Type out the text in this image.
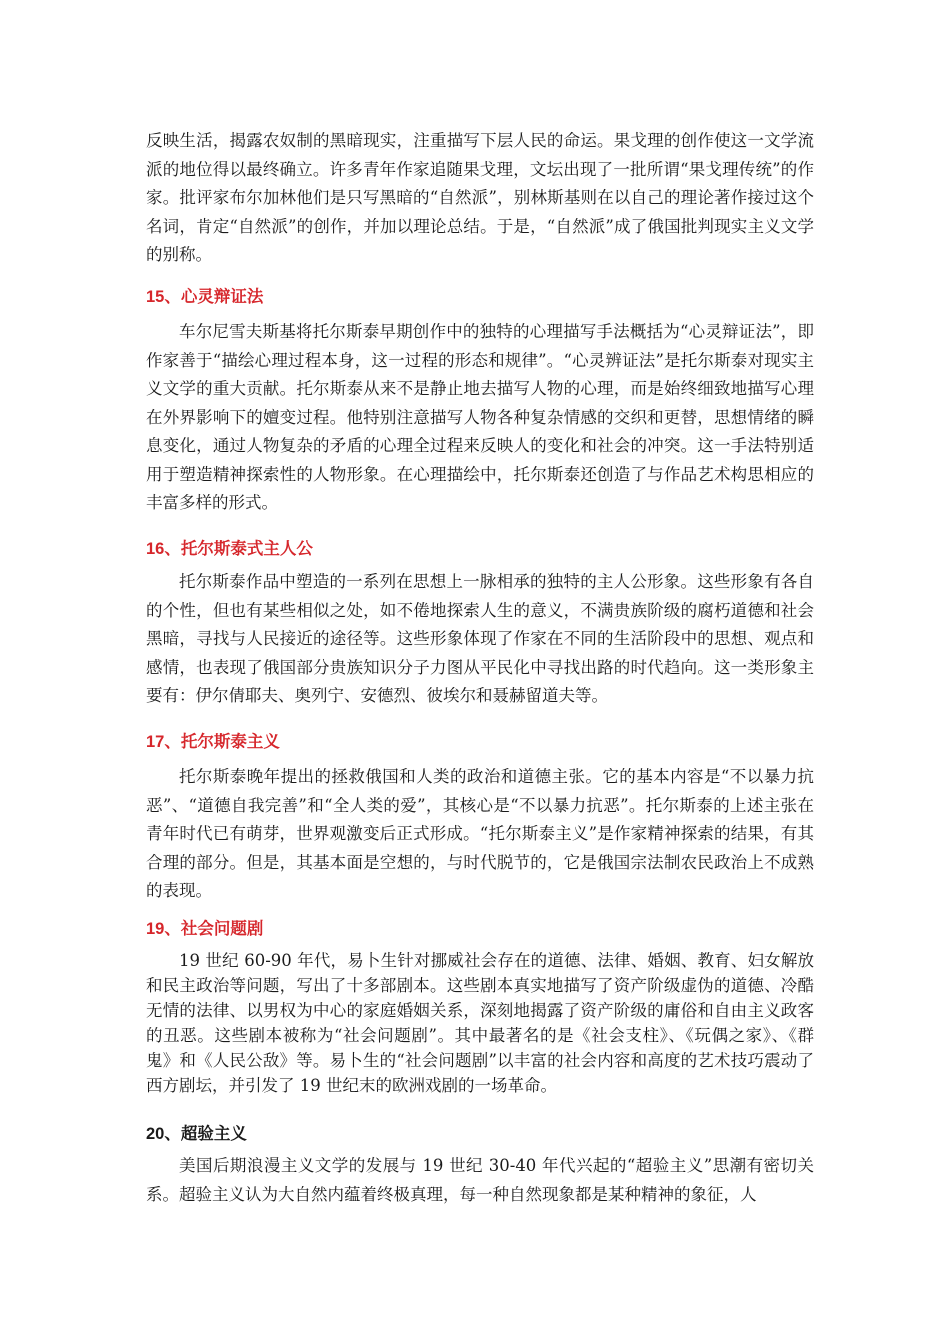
反映生活，揭露农奴制的黑暗现实，注重描写下层人民的命运。果戈理的创作使这一文学流派的地位得以最终确立。许多青年作家追随果戈理，文坛出现了一批所谓“果戈理传统”的作家。批评家布尔加林他们是只写黑暗的“自然派”，别林斯基则在以自己的理论著作接过这个名词，肯定“自然派”的创作，并加以理论总结。于是，“自然派”成了俄国批判现实主义文学的别称。

15、心灵辩证法

车尔尼雪夫斯基将托尔斯泰早期创作中的独特的心理描写手法概括为“心灵辩证法”，即作家善于“描绘心理过程本身，这一过程的形态和规律”。“心灵辨证法”是托尔斯泰对现实主义文学的重大贡献。托尔斯泰从来不是静止地去描写人物的心理，而是始终细致地描写心理在外界影响下的嬗变过程。他特别注意描写人物各种复杂情感的交织和更替，思想情绪的瞬息变化，通过人物复杂的矛盾的心理全过程来反映人的变化和社会的冲突。这一手法特别适用于塑造精神探索性的人物形象。在心理描绘中，托尔斯泰还创造了与作品艺术构思相应的丰富多样的形式。

16、托尔斯泰式主人公

托尔斯泰作品中塑造的一系列在思想上一脉相承的独特的主人公形象。这些形象有各自的个性，但也有某些相似之处，如不倦地探索人生的意义，不满贵族阶级的腐朽道德和社会黑暗，寻找与人民接近的途径等。这些形象体现了作家在不同的生活阶段中的思想、观点和感情，也表现了俄国部分贵族知识分子力图从平民化中寻找出路的时代趋向。这一类形象主要有：伊尔倩耶夫、奥列宁、安德烈、彼埃尔和聂赫留道夫等。

17、托尔斯泰主义

托尔斯泰晚年提出的拯救俄国和人类的政治和道德主张。它的基本内容是“不以暴力抗恶”、“道德自我完善”和“全人类的爱”，其核心是“不以暴力抗恶”。托尔斯泰的上述主张在青年时代已有萌芽，世界观激变后正式形成。“托尔斯泰主义”是作家精神探索的结果，有其合理的部分。但是，其基本面是空想的，与时代脱节的，它是俄国宗法制农民政治上不成熟的表现。

19、社会问题剧

19 世纪 60-90 年代，易卜生针对挪威社会存在的道德、法律、婚姻、教育、妇女解放和民主政治等问题，写出了十多部剧本。这些剧本真实地描写了资产阶级虚伪的道德、冷酷无情的法律、以男权为中心的家庭婚姻关系，深刻地揭露了资产阶级的庸俗和自由主义政客的丑恶。这些剧本被称为“社会问题剧”。其中最著名的是《社会支柱》、《玩偶之家》、《群鬼》和《人民公敌》等。易卜生的“社会问题剧”以丰富的社会内容和高度的艺术技巧震动了西方剧坛，并引发了 19 世纪末的欧洲戏剧的一场革命。

20、超验主义

美国后期浪漫主义文学的发展与 19 世纪 30-40 年代兴起的“超验主义”思潮有密切关系。超验主义认为大自然内蕴着终极真理，每一种自然现象都是某种精神的象征，人
